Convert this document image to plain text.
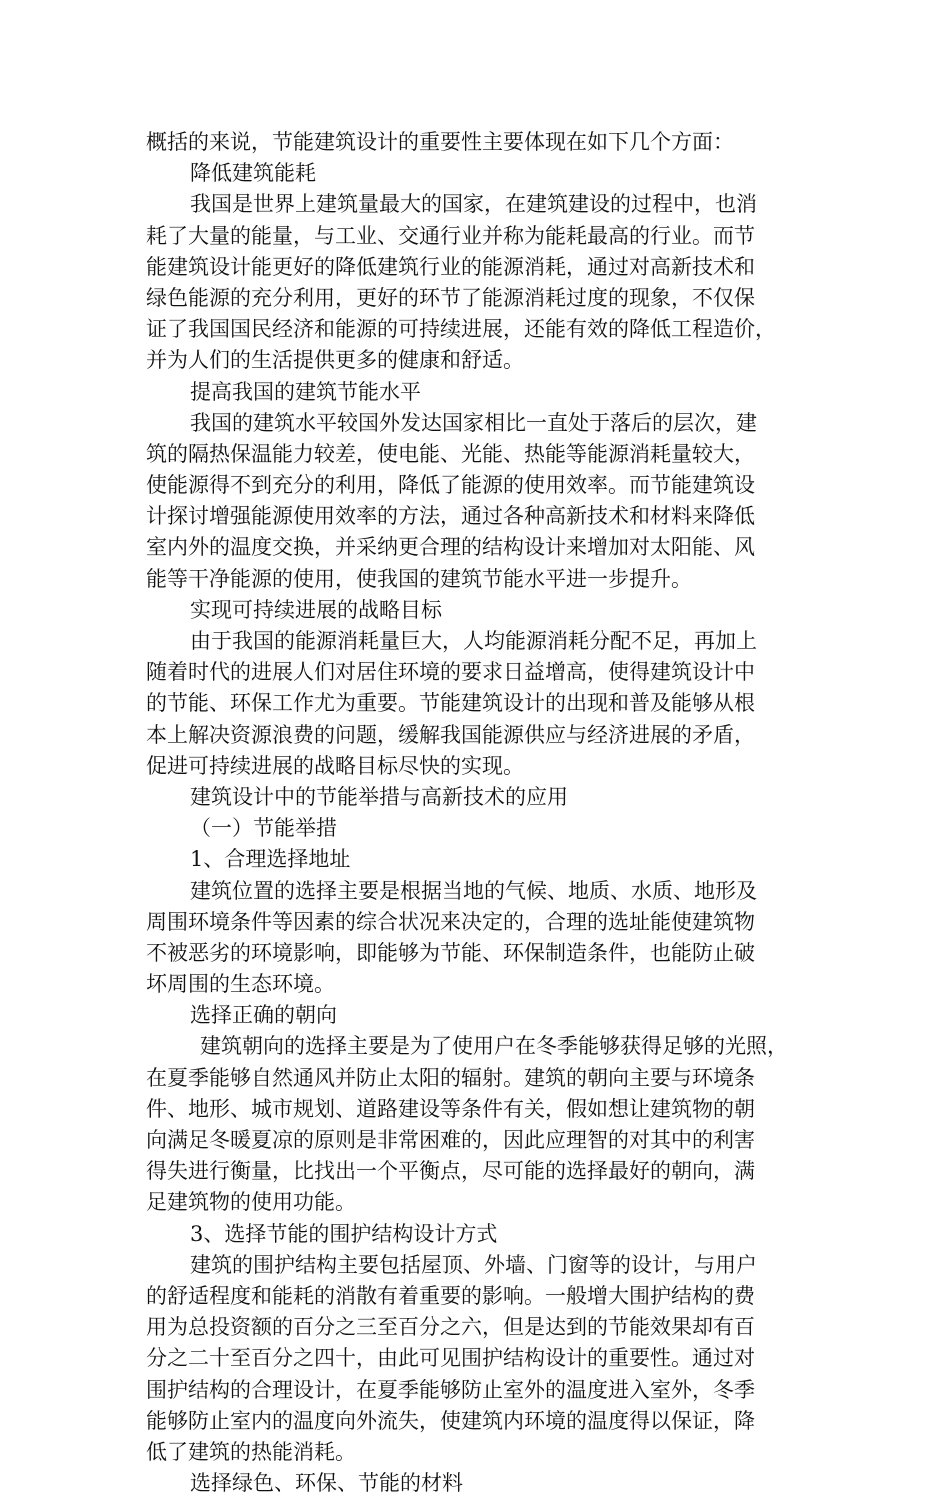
概括的来说，节能建筑设计的重要性主要体现在如下几个方面：
降低建筑能耗
我国是世界上建筑量最大的国家，在建筑建设的过程中，也消
耗了大量的能量，与工业、交通行业并称为能耗最高的行业。而节
能建筑设计能更好的降低建筑行业的能源消耗，通过对高新技术和
绿色能源的充分利用，更好的环节了能源消耗过度的现象，不仅保
证了我国国民经济和能源的可持续进展，还能有效的降低工程造价，
并为人们的生活提供更多的健康和舒适。
提高我国的建筑节能水平
我国的建筑水平较国外发达国家相比一直处于落后的层次，建
筑的隔热保温能力较差，使电能、光能、热能等能源消耗量较大，
使能源得不到充分的利用，降低了能源的使用效率。而节能建筑设
计探讨增强能源使用效率的方法，通过各种高新技术和材料来降低
室内外的温度交换，并采纳更合理的结构设计来增加对太阳能、风
能等干净能源的使用，使我国的建筑节能水平进一步提升。
实现可持续进展的战略目标
由于我国的能源消耗量巨大，人均能源消耗分配不足，再加上
随着时代的进展人们对居住环境的要求日益增高，使得建筑设计中
的节能、环保工作尤为重要。节能建筑设计的出现和普及能够从根
本上解决资源浪费的问题，缓解我国能源供应与经济进展的矛盾，
促进可持续进展的战略目标尽快的实现。
建筑设计中的节能举措与高新技术的应用
（一）节能举措
1、合理选择地址
建筑位置的选择主要是根据当地的气候、地质、水质、地形及
周围环境条件等因素的综合状况来决定的，合理的选址能使建筑物
不被恶劣的环境影响，即能够为节能、环保制造条件，也能防止破
坏周围的生态环境。
选择正确的朝向
建筑朝向的选择主要是为了使用户在冬季能够获得足够的光照，
在夏季能够自然通风并防止太阳的辐射。建筑的朝向主要与环境条
件、地形、城市规划、道路建设等条件有关，假如想让建筑物的朝
向满足冬暖夏凉的原则是非常困难的，因此应理智的对其中的利害
得失进行衡量，比找出一个平衡点，尽可能的选择最好的朝向，满
足建筑物的使用功能。
3、选择节能的围护结构设计方式
建筑的围护结构主要包括屋顶、外墙、门窗等的设计，与用户
的舒适程度和能耗的消散有着重要的影响。一般增大围护结构的费
用为总投资额的百分之三至百分之六，但是达到的节能效果却有百
分之二十至百分之四十，由此可见围护结构设计的重要性。通过对
围护结构的合理设计，在夏季能够防止室外的温度进入室外，冬季
能够防止室内的温度向外流失，使建筑内环境的温度得以保证，降
低了建筑的热能消耗。
选择绿色、环保、节能的材料
